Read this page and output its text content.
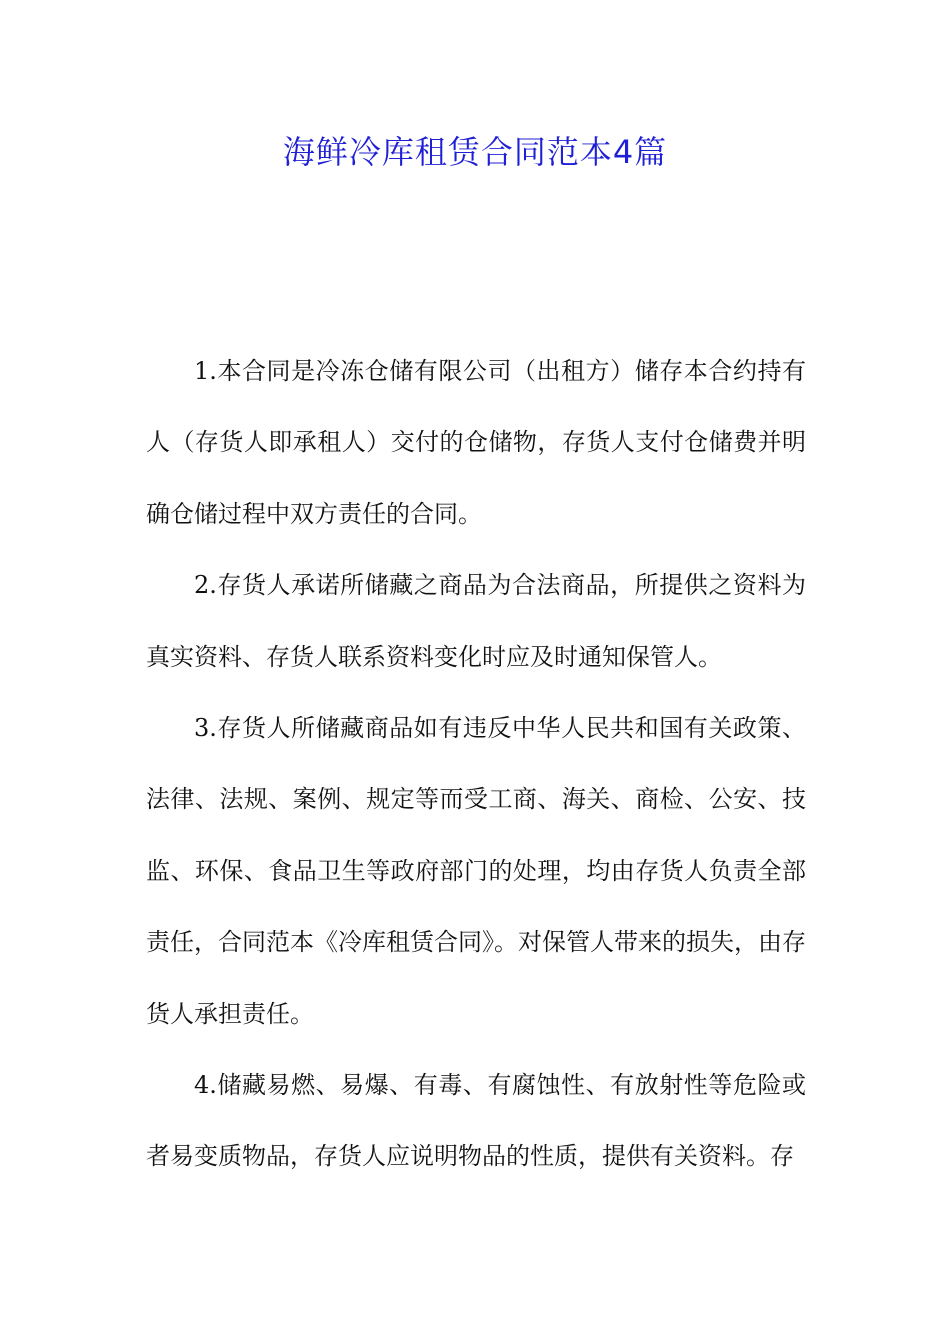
海鲜冷库租赁合同范本4篇

1.本合同是冷冻仓储有限公司（出租方）储存本合约持有人（存货人即承租人）交付的仓储物，存货人支付仓储费并明确仓储过程中双方责任的合同。

2.存货人承诺所储藏之商品为合法商品，所提供之资料为真实资料、存货人联系资料变化时应及时通知保管人。

3.存货人所储藏商品如有违反中华人民共和国有关政策、法律、法规、案例、规定等而受工商、海关、商检、公安、技监、环保、食品卫生等政府部门的处理，均由存货人负责全部责任，合同范本《冷库租赁合同》。对保管人带来的损失，由存货人承担责任。

4.储藏易燃、易爆、有毒、有腐蚀性、有放射性等危险或者易变质物品，存货人应说明物品的性质，提供有关资料。存
